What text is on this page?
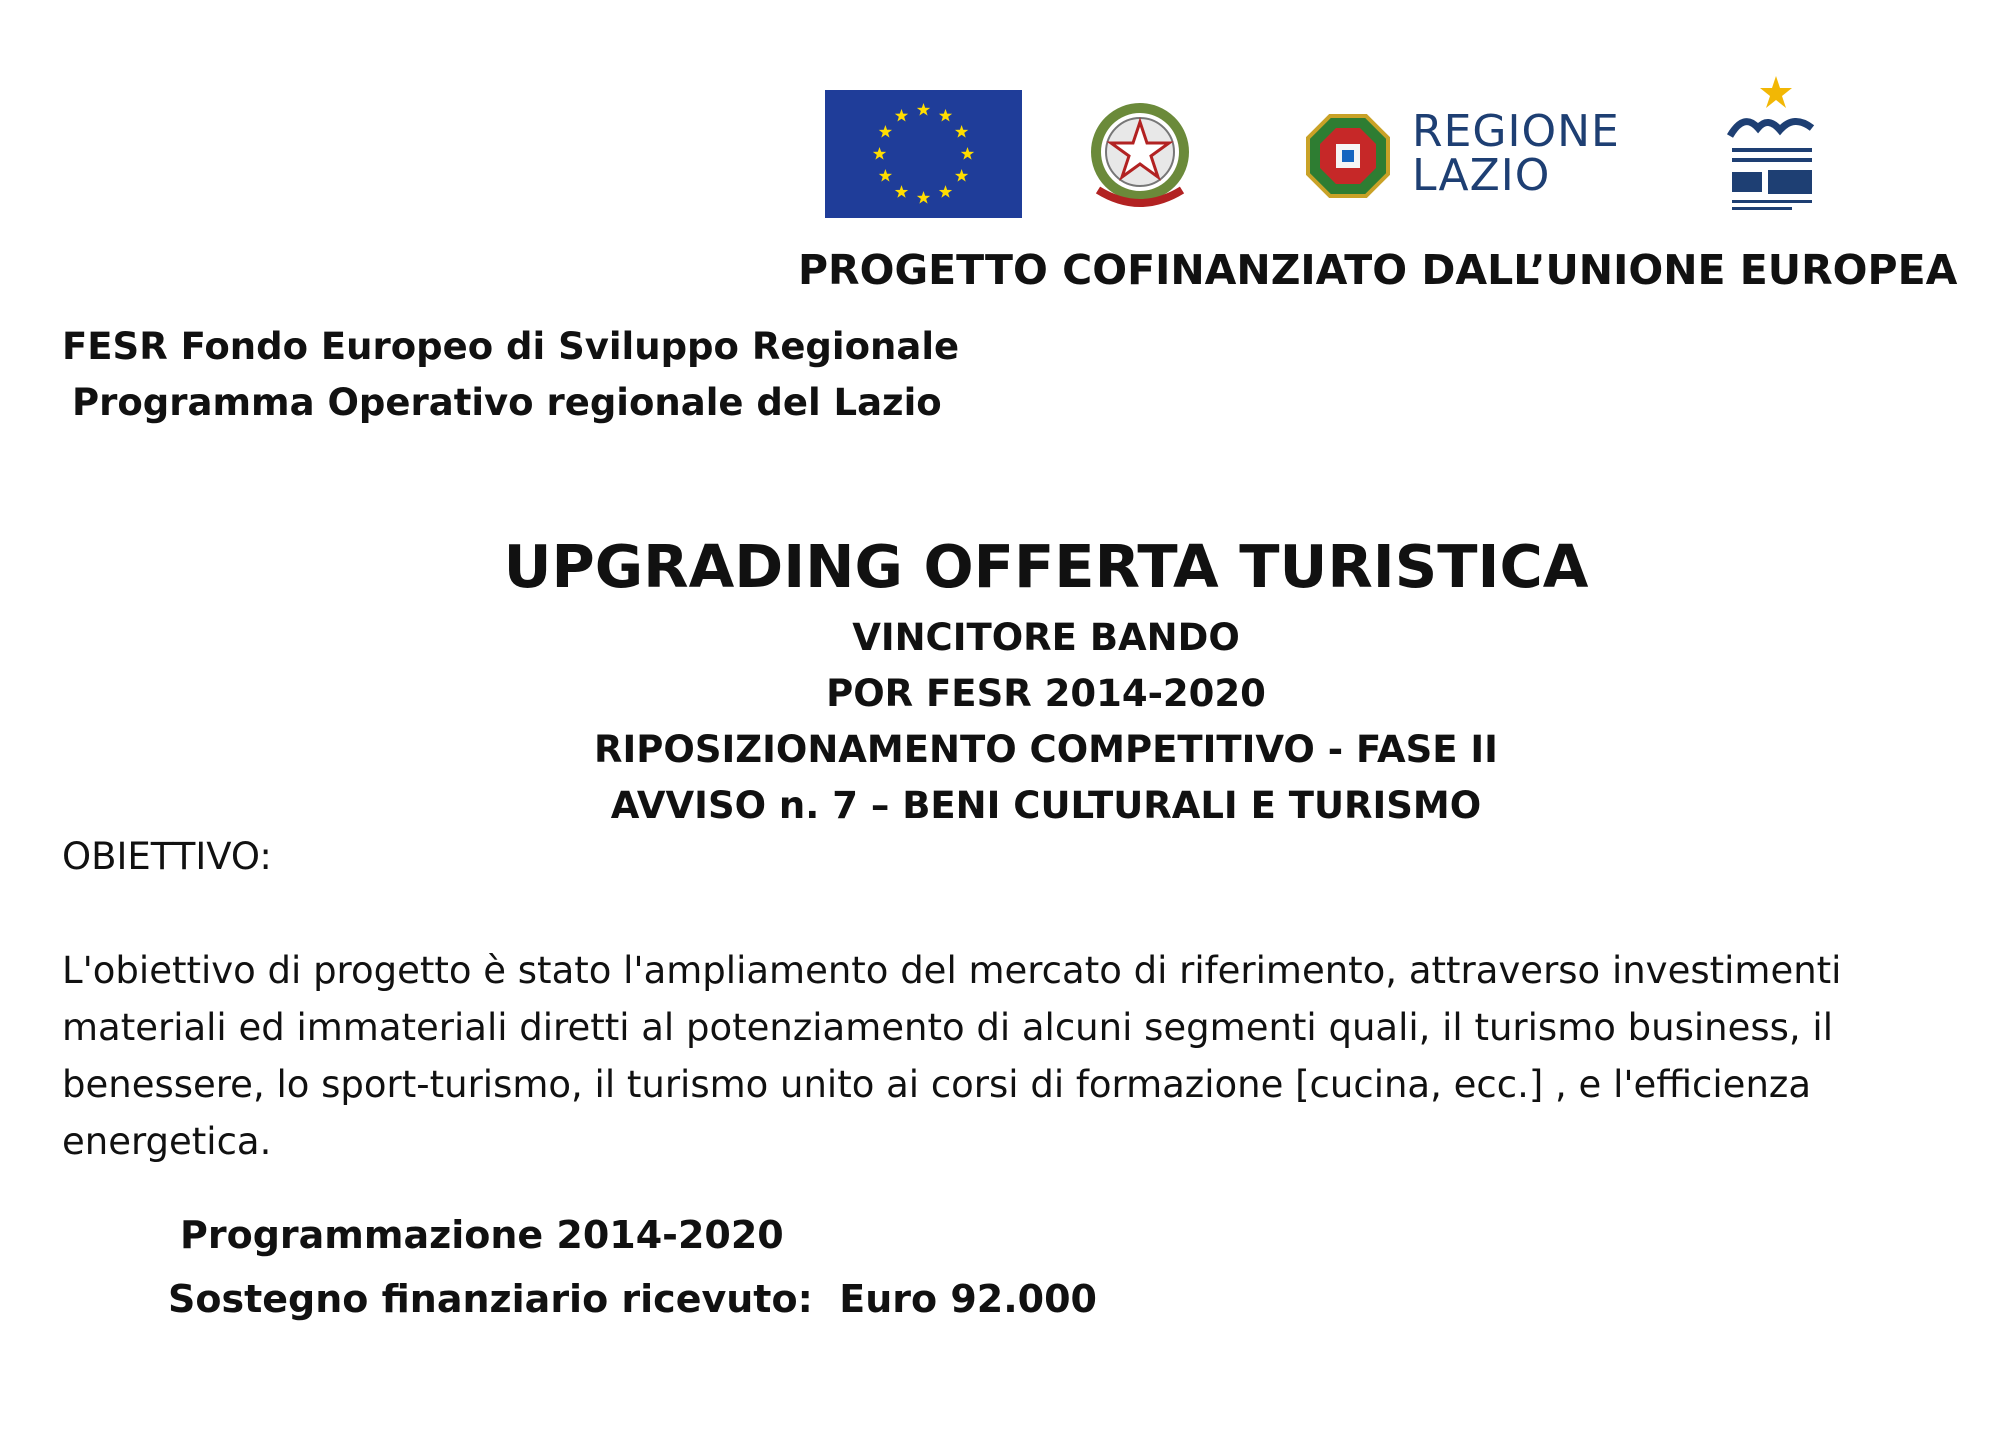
REGIONE
LAZIO
PROGETTO COFINANZIATO DALL’UNIONE EUROPEA
FESR Fondo Europeo di Sviluppo Regionale
Programma Operativo regionale del Lazio
UPGRADING OFFERTA TURISTICA
VINCITORE BANDO
POR FESR 2014-2020
RIPOSIZIONAMENTO COMPETITIVO - FASE II
AVVISO n. 7 – BENI CULTURALI E TURISMO
OBIETTIVO:
L'obiettivo di progetto è stato l'ampliamento del mercato di riferimento, attraverso investimenti materiali ed immateriali diretti al potenziamento di alcuni segmenti quali, il turismo business, il benessere, lo sport-turismo, il turismo unito ai corsi di formazione [cucina, ecc.] , e l'efficienza energetica.
Programmazione 2014-2020
Sostegno finanziario ricevuto:  Euro 92.000
